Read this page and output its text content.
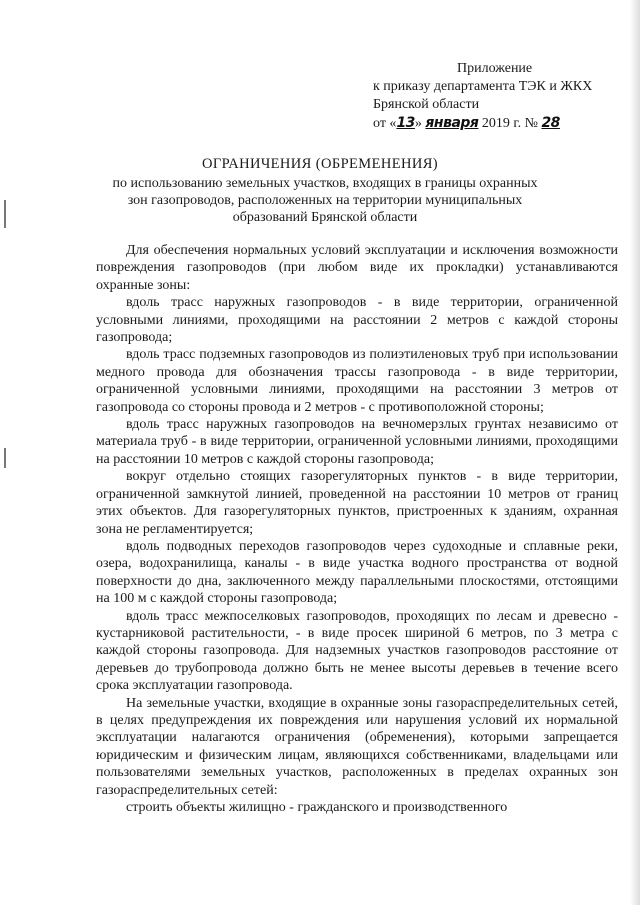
Приложение
к приказу департамента ТЭК и ЖКХ
Брянской области
от «13» января 2019 г. № 28
ОГРАНИЧЕНИЯ (ОБРЕМЕНЕНИЯ)
по использованию земельных участков, входящих в границы охранных зон газопроводов, расположенных на территории муниципальных образований Брянской области

Для обеспечения нормальных условий эксплуатации и исключения возможности повреждения газопроводов (при любом виде их прокладки) устанавливаются охранные зоны:

вдоль трасс наружных газопроводов - в виде территории, ограниченной условными линиями, проходящими на расстоянии 2 метров с каждой стороны газопровода;

вдоль трасс подземных газопроводов из полиэтиленовых труб при использовании медного провода для обозначения трассы газопровода - в виде территории, ограниченной условными линиями, проходящими на расстоянии 3 метров от газопровода со стороны провода и 2 метров - с противоположной стороны;

вдоль трасс наружных газопроводов на вечномерзлых грунтах независимо от материала труб - в виде территории, ограниченной условными линиями, проходящими на расстоянии 10 метров с каждой стороны газопровода;

вокруг отдельно стоящих газорегуляторных пунктов - в виде территории, ограниченной замкнутой линией, проведенной на расстоянии 10 метров от границ этих объектов. Для газорегуляторных пунктов, пристроенных к зданиям, охранная зона не регламентируется;

вдоль подводных переходов газопроводов через судоходные и сплавные реки, озера, водохранилища, каналы - в виде участка водного пространства от водной поверхности до дна, заключенного между параллельными плоскостями, отстоящими на 100 м с каждой стороны газопровода;

вдоль трасс межпоселковых газопроводов, проходящих по лесам и древесно - кустарниковой растительности, - в виде просек шириной 6 метров, по 3 метра с каждой стороны газопровода. Для надземных участков газопроводов расстояние от деревьев до трубопровода должно быть не менее высоты деревьев в течение всего срока эксплуатации газопровода.

На земельные участки, входящие в охранные зоны газораспределительных сетей, в целях предупреждения их повреждения или нарушения условий их нормальной эксплуатации налагаются ограничения (обременения), которыми запрещается юридическим и физическим лицам, являющихся собственниками, владельцами или пользователями земельных участков, расположенных в пределах охранных зон газораспределительных сетей:

строить объекты жилищно - гражданского и производственного
